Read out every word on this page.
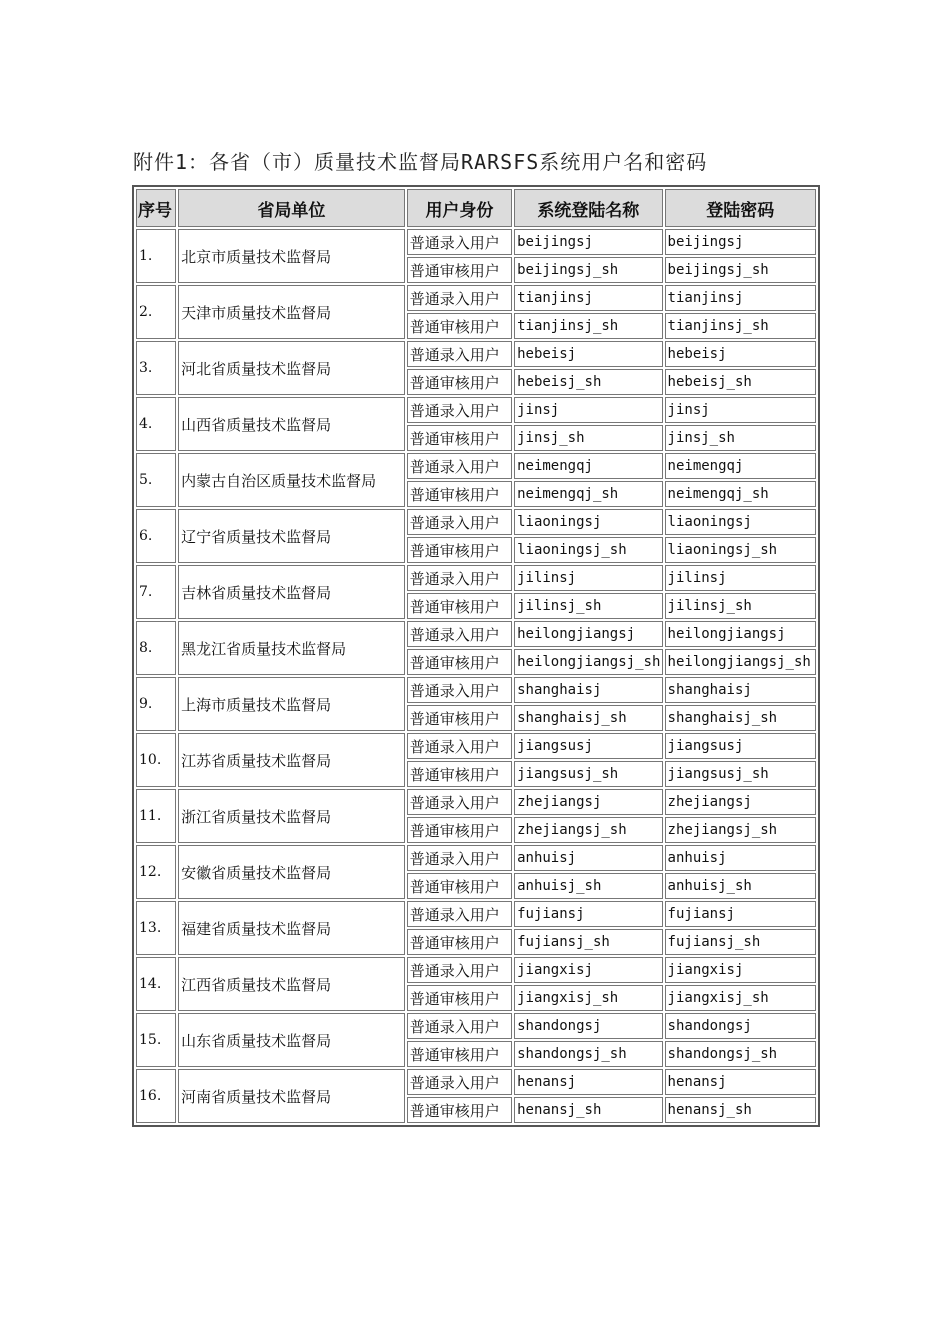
附件1：各省（市）质量技术监督局RARSFS系统用户名和密码
序号	省局单位	用户身份	系统登陆名称	登陆密码
1.	北京市质量技术监督局	普通录入用户	beijingsj	beijingsj
		普通审核用户	beijingsj_sh	beijingsj_sh
2.	天津市质量技术监督局	普通录入用户	tianjinsj	tianjinsj
		普通审核用户	tianjinsj_sh	tianjinsj_sh
3.	河北省质量技术监督局	普通录入用户	hebeisj	hebeisj
		普通审核用户	hebeisj_sh	hebeisj_sh
4.	山西省质量技术监督局	普通录入用户	jinsj	jinsj
		普通审核用户	jinsj_sh	jinsj_sh
5.	内蒙古自治区质量技术监督局	普通录入用户	neimengqj	neimengqj
		普通审核用户	neimengqj_sh	neimengqj_sh
6.	辽宁省质量技术监督局	普通录入用户	liaoningsj	liaoningsj
		普通审核用户	liaoningsj_sh	liaoningsj_sh
7.	吉林省质量技术监督局	普通录入用户	jilinsj	jilinsj
		普通审核用户	jilinsj_sh	jilinsj_sh
8.	黑龙江省质量技术监督局	普通录入用户	heilongjiangsj	heilongjiangsj
		普通审核用户	heilongjiangsj_sh	heilongjiangsj_sh
9.	上海市质量技术监督局	普通录入用户	shanghaisj	shanghaisj
		普通审核用户	shanghaisj_sh	shanghaisj_sh
10.	江苏省质量技术监督局	普通录入用户	jiangsusj	jiangsusj
		普通审核用户	jiangsusj_sh	jiangsusj_sh
11.	浙江省质量技术监督局	普通录入用户	zhejiangsj	zhejiangsj
		普通审核用户	zhejiangsj_sh	zhejiangsj_sh
12.	安徽省质量技术监督局	普通录入用户	anhuisj	anhuisj
		普通审核用户	anhuisj_sh	anhuisj_sh
13.	福建省质量技术监督局	普通录入用户	fujiansj	fujiansj
		普通审核用户	fujiansj_sh	fujiansj_sh
14.	江西省质量技术监督局	普通录入用户	jiangxisj	jiangxisj
		普通审核用户	jiangxisj_sh	jiangxisj_sh
15.	山东省质量技术监督局	普通录入用户	shandongsj	shandongsj
		普通审核用户	shandongsj_sh	shandongsj_sh
16.	河南省质量技术监督局	普通录入用户	henansj	henansj
		普通审核用户	henansj_sh	henansj_sh
